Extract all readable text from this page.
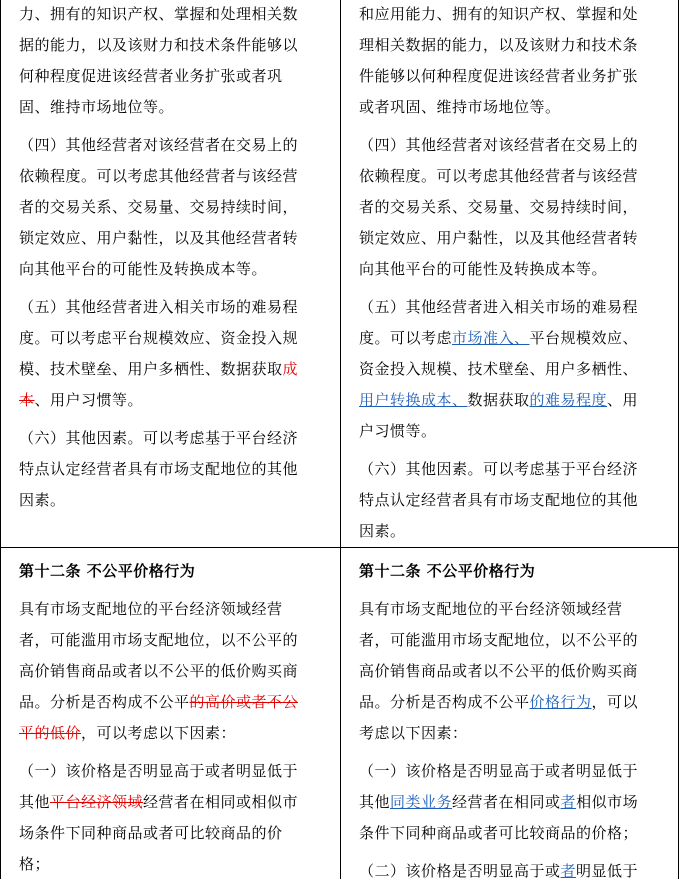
力、拥有的知识产权、掌握和处理相关数
据的能力，以及该财力和技术条件能够以
何种程度促进该经营者业务扩张或者巩
固、维持市场地位等。

（四）其他经营者对该经营者在交易上的
依赖程度。可以考虑其他经营者与该经营
者的交易关系、交易量、交易持续时间，
锁定效应、用户黏性，以及其他经营者转
向其他平台的可能性及转换成本等。

（五）其他经营者进入相关市场的难易程
度。可以考虑平台规模效应、资金投入规
模、技术壁垒、用户多栖性、数据获取成
本、用户习惯等。

（六）其他因素。可以考虑基于平台经济
特点认定经营者具有市场支配地位的其他
因素。

和应用能力、拥有的知识产权、掌握和处
理相关数据的能力，以及该财力和技术条
件能够以何种程度促进该经营者业务扩张
或者巩固、维持市场地位等。

（四）其他经营者对该经营者在交易上的
依赖程度。可以考虑其他经营者与该经营
者的交易关系、交易量、交易持续时间，
锁定效应、用户黏性，以及其他经营者转
向其他平台的可能性及转换成本等。

（五）其他经营者进入相关市场的难易程
度。可以考虑市场准入、平台规模效应、
资金投入规模、技术壁垒、用户多栖性、
用户转换成本、数据获取的难易程度、用
户习惯等。

（六）其他因素。可以考虑基于平台经济
特点认定经营者具有市场支配地位的其他
因素。

第十二条 不公平价格行为

具有市场支配地位的平台经济领域经营
者，可能滥用市场支配地位，以不公平的
高价销售商品或者以不公平的低价购买商
品。分析是否构成不公平的高价或者不公
平的低价，可以考虑以下因素：

（一）该价格是否明显高于或者明显低于
其他平台经济领域经营者在相同或相似市
场条件下同种商品或者可比较商品的价
格；

第十二条 不公平价格行为

具有市场支配地位的平台经济领域经营
者，可能滥用市场支配地位，以不公平的
高价销售商品或者以不公平的低价购买商
品。分析是否构成不公平价格行为，可以
考虑以下因素：

（一）该价格是否明显高于或者明显低于
其他同类业务经营者在相同或者相似市场
条件下同种商品或者可比较商品的价格；

（二）该价格是否明显高于或者明显低于
